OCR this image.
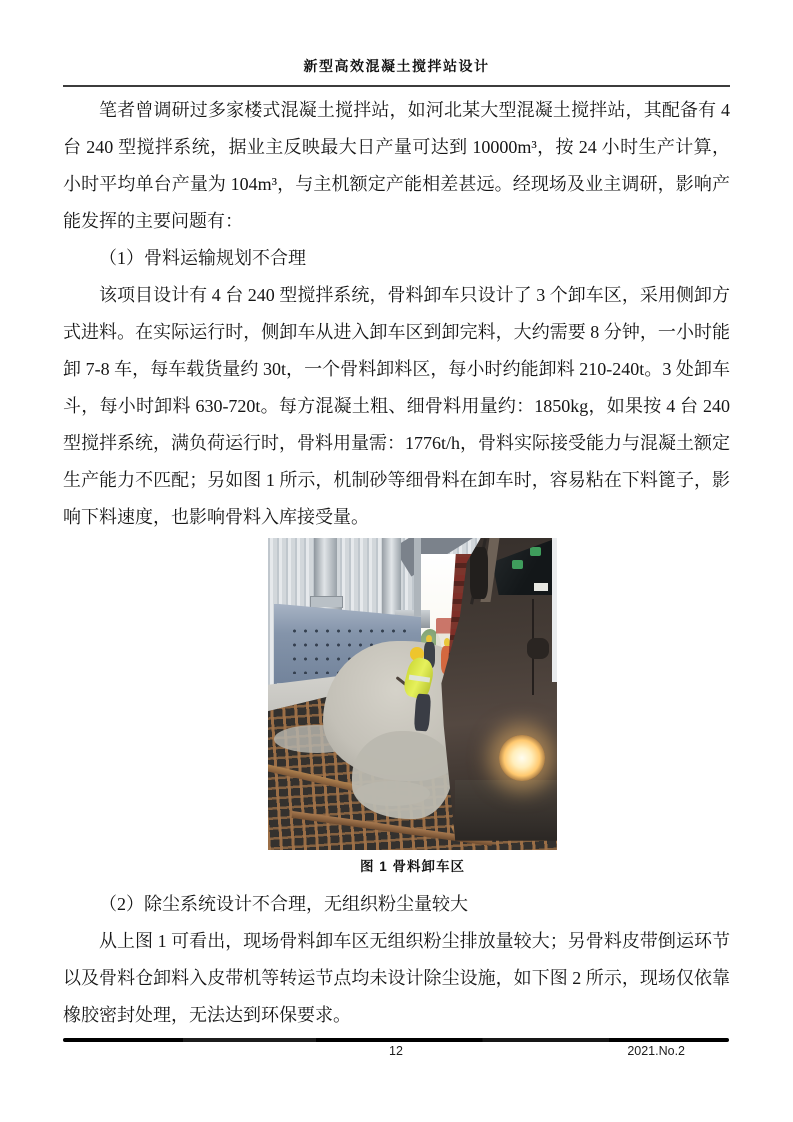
新型高效混凝土搅拌站设计

笔者曾调研过多家楼式混凝土搅拌站，如河北某大型混凝土搅拌站，其配备有 4 台 240 型搅拌系统，据业主反映最大日产量可达到 10000m³，按 24 小时生产计算，小时平均单台产量为 104m³，与主机额定产能相差甚远。经现场及业主调研，影响产能发挥的主要问题有：

（1）骨料运输规划不合理

该项目设计有 4 台 240 型搅拌系统，骨料卸车只设计了 3 个卸车区，采用侧卸方式进料。在实际运行时，侧卸车从进入卸车区到卸完料，大约需要 8 分钟，一小时能卸 7-8 车，每车载货量约 30t，一个骨料卸料区，每小时约能卸料 210-240t。3 处卸车斗，每小时卸料 630-720t。每方混凝土粗、细骨料用量约：1850kg，如果按 4 台 240 型搅拌系统，满负荷运行时，骨料用量需：1776t/h，骨料实际接受能力与混凝土额定生产能力不匹配；另如图 1 所示，机制砂等细骨料在卸车时，容易粘在下料篦子，影响下料速度，也影响骨料入库接受量。

图 1 骨料卸车区

（2）除尘系统设计不合理，无组织粉尘量较大

从上图 1 可看出，现场骨料卸车区无组织粉尘排放量较大；另骨料皮带倒运环节以及骨料仓卸料入皮带机等转运节点均未设计除尘设施，如下图 2 所示，现场仅依靠橡胶密封处理，无法达到环保要求。

12	2021.No.2
